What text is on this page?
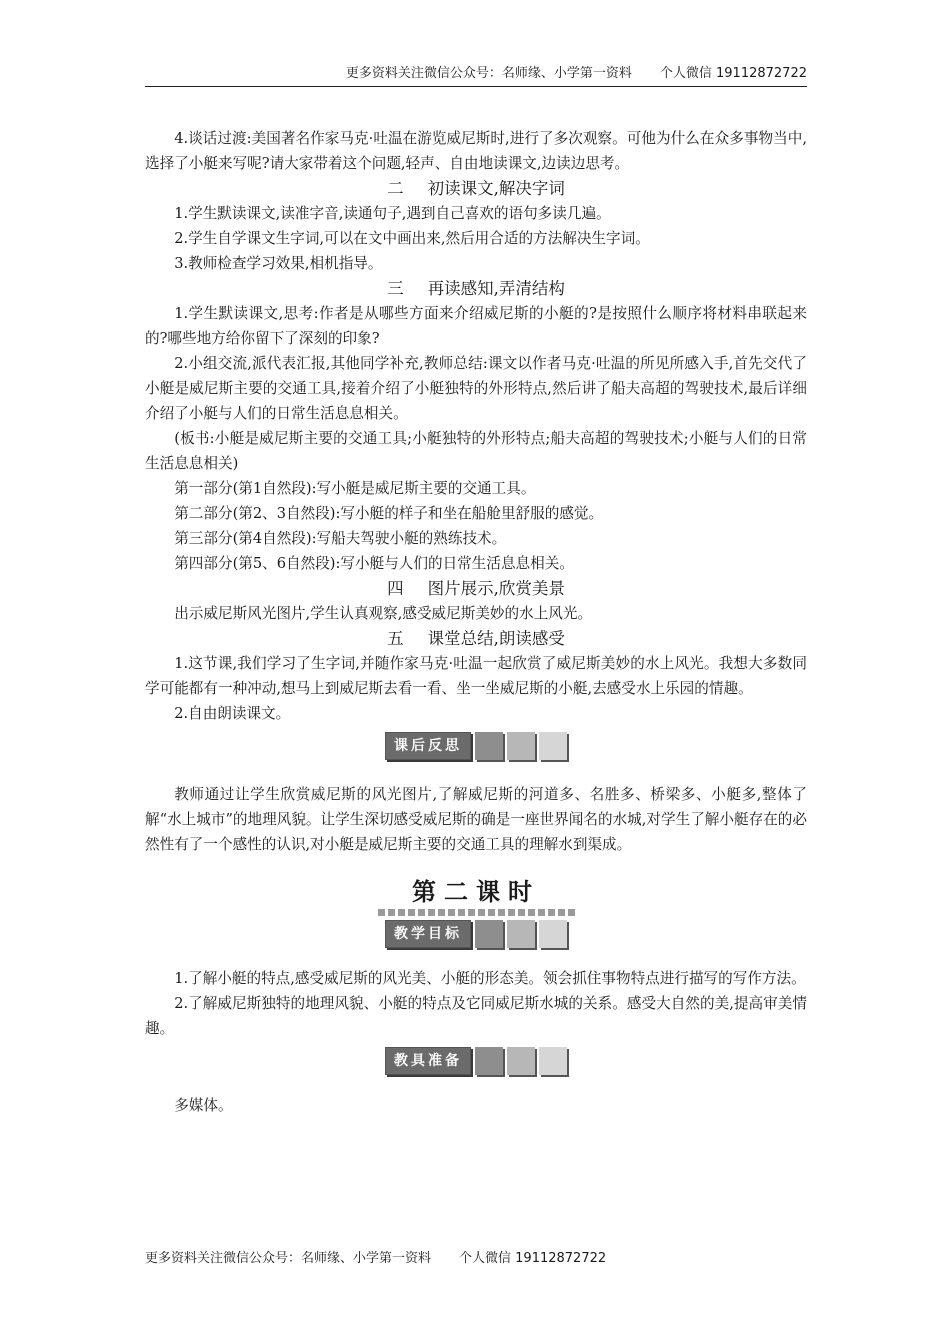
更多资料关注微信公众号：名师缘、小学第一资料 个人微信 19112872722

4.谈话过渡:美国著名作家马克·吐温在游览威尼斯时,进行了多次观察。可他为什么在众多事物当中,选择了小艇来写呢?请大家带着这个问题,轻声、自由地读课文,边读边思考。

二 初读课文,解决字词

1.学生默读课文,读准字音,读通句子,遇到自己喜欢的语句多读几遍。

2.学生自学课文生字词,可以在文中画出来,然后用合适的方法解决生字词。

3.教师检查学习效果,相机指导。

三 再读感知,弄清结构

1.学生默读课文,思考:作者是从哪些方面来介绍威尼斯的小艇的?是按照什么顺序将材料串联起来的?哪些地方给你留下了深刻的印象?

2.小组交流,派代表汇报,其他同学补充,教师总结:课文以作者马克·吐温的所见所感入手,首先交代了小艇是威尼斯主要的交通工具,接着介绍了小艇独特的外形特点,然后讲了船夫高超的驾驶技术,最后详细介绍了小艇与人们的日常生活息息相关。

(板书:小艇是威尼斯主要的交通工具;小艇独特的外形特点;船夫高超的驾驶技术;小艇与人们的日常生活息息相关)

第一部分(第1自然段):写小艇是威尼斯主要的交通工具。

第二部分(第2、3自然段):写小艇的样子和坐在船舱里舒服的感觉。

第三部分(第4自然段):写船夫驾驶小艇的熟练技术。

第四部分(第5、6自然段):写小艇与人们的日常生活息息相关。

四 图片展示,欣赏美景

出示威尼斯风光图片,学生认真观察,感受威尼斯美妙的水上风光。

五 课堂总结,朗读感受

1.这节课,我们学习了生字词,并随作家马克·吐温一起欣赏了威尼斯美妙的水上风光。我想大多数同学可能都有一种冲动,想马上到威尼斯去看一看、坐一坐威尼斯的小艇,去感受水上乐园的情趣。

2.自由朗读课文。

课后反思

教师通过让学生欣赏威尼斯的风光图片,了解威尼斯的河道多、名胜多、桥梁多、小艇多,整体了解“水上城市”的地理风貌。让学生深切感受威尼斯的确是一座世界闻名的水城,对学生了解小艇存在的必然性有了一个感性的认识,对小艇是威尼斯主要的交通工具的理解水到渠成。

第二课时
教学目标

1.了解小艇的特点,感受威尼斯的风光美、小艇的形态美。领会抓住事物特点进行描写的写作方法。

2.了解威尼斯独特的地理风貌、小艇的特点及它同威尼斯水城的关系。感受大自然的美,提高审美情趣。

教具准备

多媒体。

更多资料关注微信公众号：名师缘、小学第一资料 个人微信 19112872722
